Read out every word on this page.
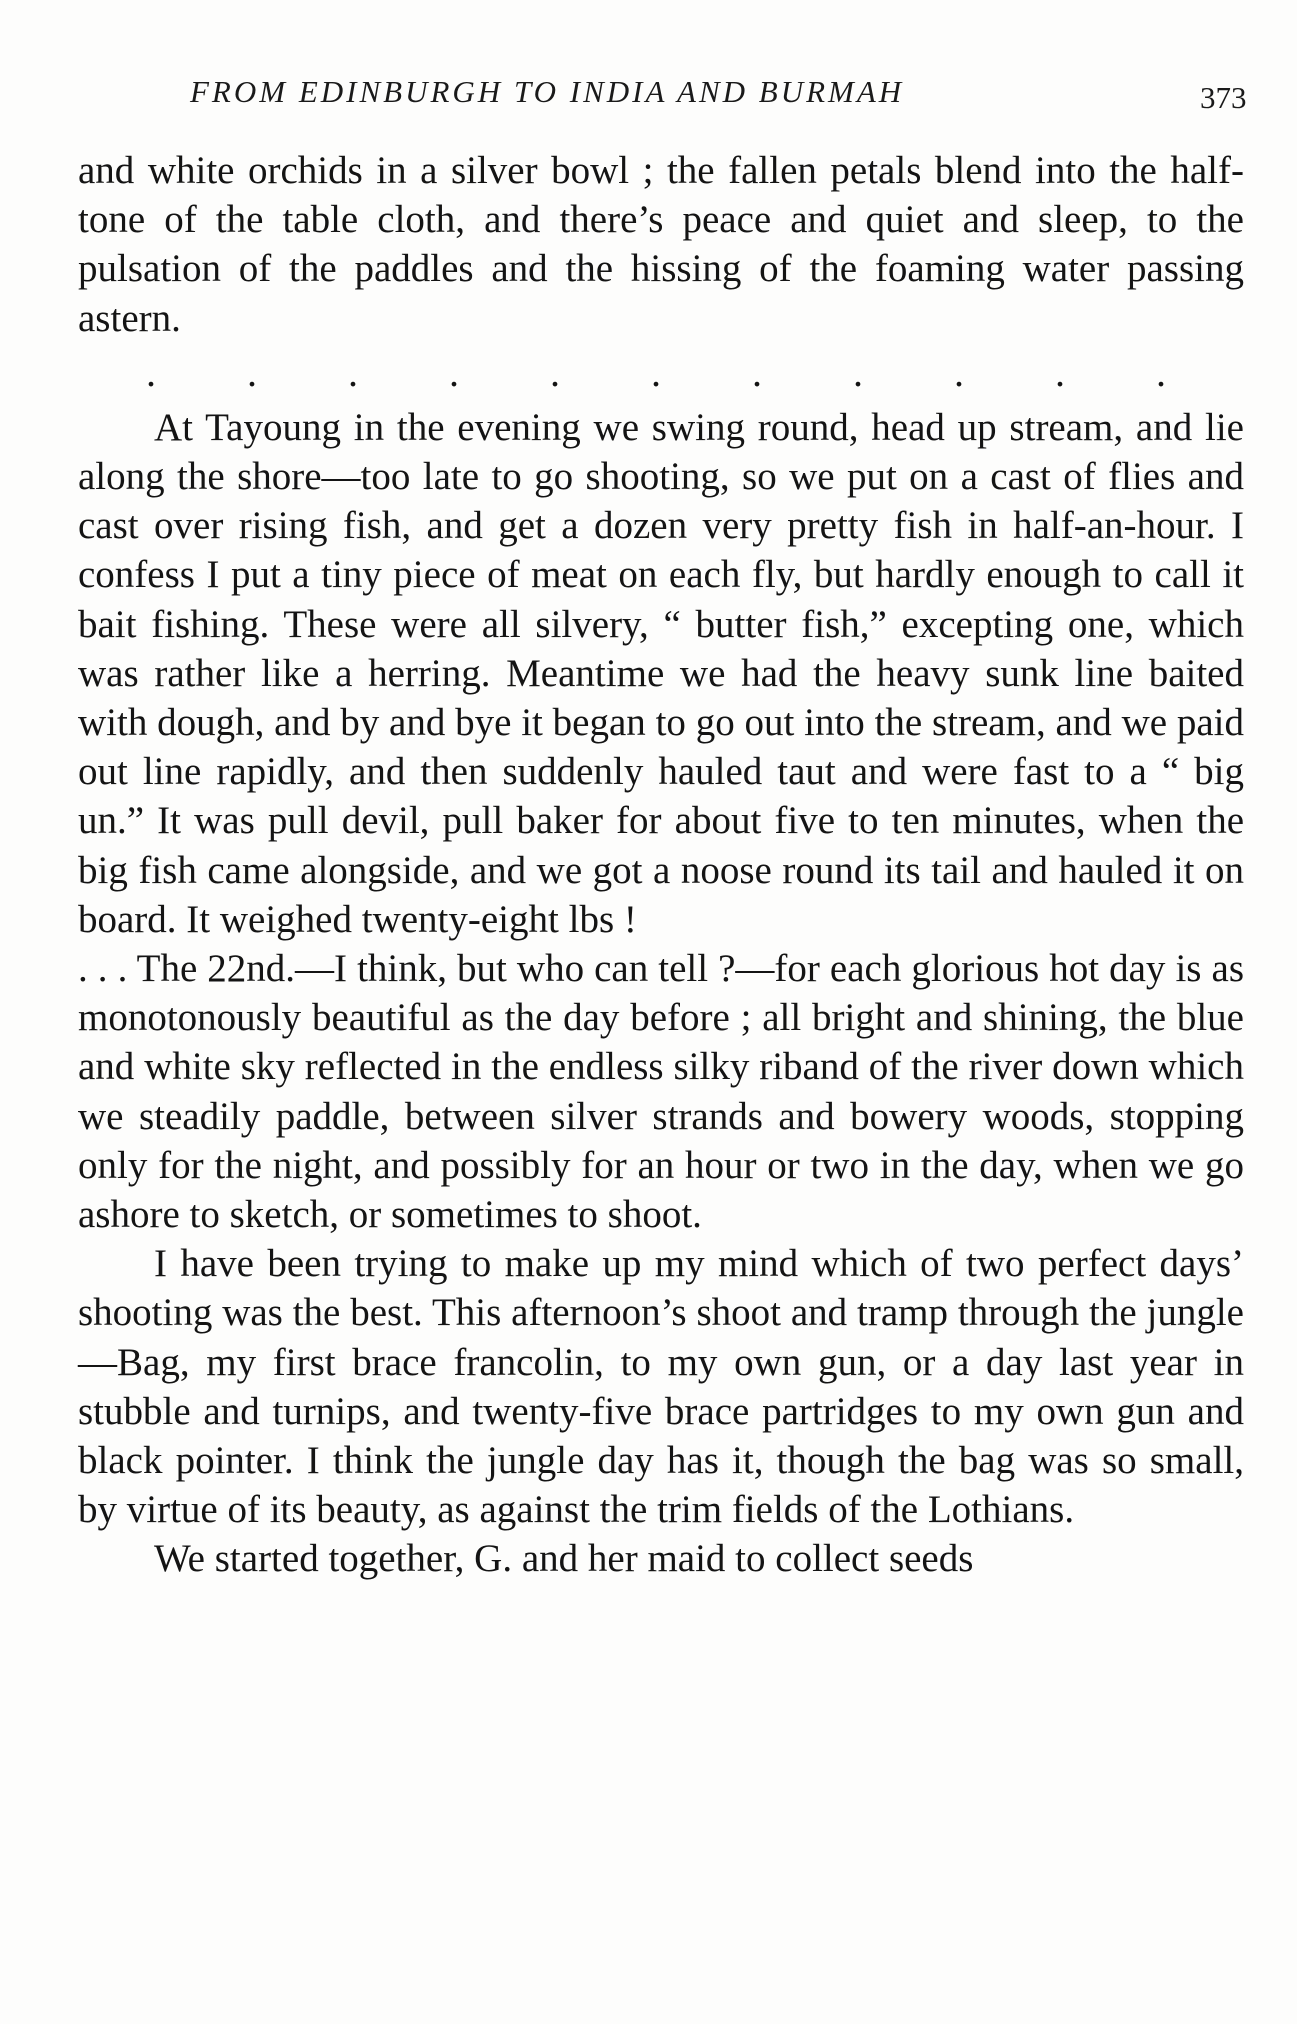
FROM EDINBURGH TO INDIA AND BURMAH	373

and white orchids in a silver bowl ; the fallen petals blend into the half-tone of the table cloth, and there’s peace and quiet and sleep, to the pulsation of the paddles and the hissing of the foaming water passing astern.

. . . . . . . . . . .

At Tayoung in the evening we swing round, head up stream, and lie along the shore—too late to go shooting, so we put on a cast of flies and cast over rising fish, and get a dozen very pretty fish in half-an-hour. I confess I put a tiny piece of meat on each fly, but hardly enough to call it bait fishing. These were all silvery, “ butter fish,” excepting one, which was rather like a herring. Meantime we had the heavy sunk line baited with dough, and by and bye it began to go out into the stream, and we paid out line rapidly, and then suddenly hauled taut and were fast to a “ big un.” It was pull devil, pull baker for about five to ten minutes, when the big fish came alongside, and we got a noose round its tail and hauled it on board. It weighed twenty-eight lbs !

. . . The 22nd.—I think, but who can tell ?—for each glorious hot day is as monotonously beautiful as the day before ; all bright and shining, the blue and white sky reflected in the endless silky riband of the river down which we steadily paddle, between silver strands and bowery woods, stopping only for the night, and possibly for an hour or two in the day, when we go ashore to sketch, or sometimes to shoot.

I have been trying to make up my mind which of two perfect days’ shooting was the best. This afternoon’s shoot and tramp through the jungle—Bag, my first brace francolin, to my own gun, or a day last year in stubble and turnips, and twenty-five brace partridges to my own gun and black pointer. I think the jungle day has it, though the bag was so small, by virtue of its beauty, as against the trim fields of the Lothians.

We started together, G. and her maid to collect seeds
